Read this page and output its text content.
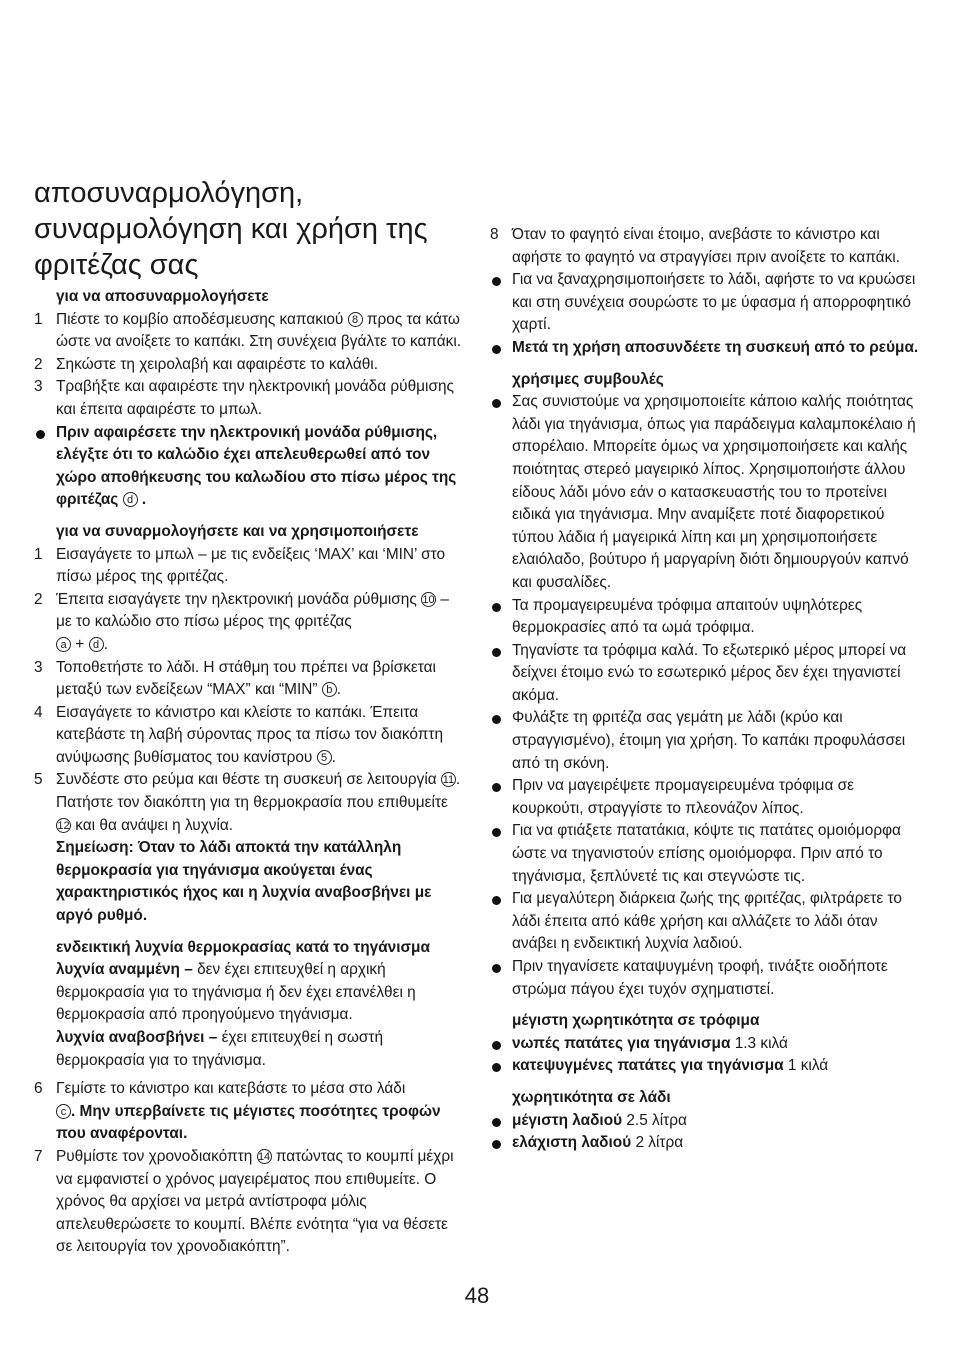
αποσυναρμολόγηση, συναρμολόγηση και χρήση της φριτέζας σας
για να αποσυναρμολογήσετε
1 Πιέστε το κομβίο αποδέσμευσης καπακιού 8 προς τα κάτω ώστε να ανοίξετε το καπάκι. Στη συνέχεια βγάλτε το καπάκι.
2 Σηκώστε τη χειρολαβή και αφαιρέστε το καλάθι.
3 Τραβήξτε και αφαιρέστε την ηλεκτρονική μονάδα ρύθμισης και έπειτα αφαιρέστε το μπωλ.
Πριν αφαιρέσετε την ηλεκτρονική μονάδα ρύθμισης, ελέγξτε ότι το καλώδιο έχει απελευθερωθεί από τον χώρο αποθήκευσης του καλωδίου στο πίσω μέρος της φριτέζας d .
για να συναρμολογήσετε και να χρησιμοποιήσετε
1 Εισαγάγετε το μπωλ – με τις ενδείξεις ‘MAX’ και ‘MIN’ στο πίσω μέρος της φριτέζας.
2 Έπειτα εισαγάγετε την ηλεκτρονική μονάδα ρύθμισης 10 – με το καλώδιο στο πίσω μέρος της φριτέζας
a + d .
3 Τοποθετήστε το λάδι. Η στάθμη του πρέπει να βρίσκεται μεταξύ των ενδείξεων “MAX” και “MIN” b .
4 Εισαγάγετε το κάνιστρο και κλείστε το καπάκι. Έπειτα κατεβάστε τη λαβή σύροντας προς τα πίσω τον διακόπτη ανύψωσης βυθίσματος του κανίστρου 5 .
5 Συνδέστε στο ρεύμα και θέστε τη συσκευή σε λειτουργία 11 . Πατήστε τον διακόπτη για τη θερμοκρασία που επιθυμείτε 12 και θα ανάψει η λυχνία.
Σημείωση: Όταν το λάδι αποκτά την κατάλληλη θερμοκρασία για τηγάνισμα ακούγεται ένας χαρακτηριστικός ήχος και η λυχνία αναβοσβήνει με αργό ρυθμό.
ενδεικτική λυχνία θερμοκρασίας κατά το τηγάνισμα
λυχνία αναμμένη – δεν έχει επιτευχθεί η αρχική θερμοκρασία για το τηγάνισμα ή δεν έχει επανέλθει η θερμοκρασία από προηγούμενο τηγάνισμα.
λυχνία αναβοσβήνει – έχει επιτευχθεί η σωστή θερμοκρασία για το τηγάνισμα.
6 Γεμίστε το κάνιστρο και κατεβάστε το μέσα στο λάδι
c . Μην υπερβαίνετε τις μέγιστες ποσότητες τροφών που αναφέρονται.
7 Ρυθμίστε τον χρονοδιακόπτη 14 πατώντας το κουμπί μέχρι να εμφανιστεί ο χρόνος μαγειρέματος που επιθυμείτε. Ο χρόνος θα αρχίσει να μετρά αντίστροφα μόλις απελευθερώσετε το κουμπί. Βλέπε ενότητα “για να θέσετε σε λειτουργία τον χρονοδιακόπτη”.
8 Όταν το φαγητό είναι έτοιμο, ανεβάστε το κάνιστρο και αφήστε το φαγητό να στραγγίσει πριν ανοίξετε το καπάκι.
Για να ξαναχρησιμοποιήσετε το λάδι, αφήστε το να κρυώσει και στη συνέχεια σουρώστε το με ύφασμα ή απορροφητικό χαρτί.
Μετά τη χρήση αποσυνδέετε τη συσκευή από το ρεύμα.
χρήσιμες συμβουλές
Σας συνιστούμε να χρησιμοποιείτε κάποιο καλής ποιότητας λάδι για τηγάνισμα, όπως για παράδειγμα καλαμποκέλαιο ή σπορέλαιο. Μπορείτε όμως να χρησιμοποιήσετε και καλής ποιότητας στερεό μαγειρικό λίπος. Χρησιμοποιήστε άλλου είδους λάδι μόνο εάν ο κατασκευαστής του το προτείνει ειδικά για τηγάνισμα. Μην αναμίξετε ποτέ διαφορετικού τύπου λάδια ή μαγειρικά λίπη και μη χρησιμοποιήσετε ελαιόλαδο, βούτυρο ή μαργαρίνη διότι δημιουργούν καπνό και φυσαλίδες.
Τα προμαγειρευμένα τρόφιμα απαιτούν υψηλότερες θερμοκρασίες από τα ωμά τρόφιμα.
Τηγανίστε τα τρόφιμα καλά. Το εξωτερικό μέρος μπορεί να δείχνει έτοιμο ενώ το εσωτερικό μέρος δεν έχει τηγανιστεί ακόμα.
Φυλάξτε τη φριτέζα σας γεμάτη με λάδι (κρύο και στραγγισμένο), έτοιμη για χρήση. Το καπάκι προφυλάσσει από τη σκόνη.
Πριν να μαγειρέψετε προμαγειρευμένα τρόφιμα σε κουρκούτι, στραγγίστε το πλεονάζον λίπος.
Για να φτιάξετε πατατάκια, κόψτε τις πατάτες ομοιόμορφα ώστε να τηγανιστούν επίσης ομοιόμορφα. Πριν από το τηγάνισμα, ξεπλύνετέ τις και στεγνώστε τις.
Για μεγαλύτερη διάρκεια ζωής της φριτέζας, φιλτράρετε το λάδι έπειτα από κάθε χρήση και αλλάζετε το λάδι όταν ανάβει η ενδεικτική λυχνία λαδιού.
Πριν τηγανίσετε καταψυγμένη τροφή, τινάξτε οιοδήποτε στρώμα πάγου έχει τυχόν σχηματιστεί.
μέγιστη χωρητικότητα σε τρόφιμα
νωπές πατάτες για τηγάνισμα 1.3 κιλά
κατεψυγμένες πατάτες για τηγάνισμα 1 κιλά
χωρητικότητα σε λάδι
μέγιστη λαδιού 2.5 λίτρα
ελάχιστη λαδιού 2 λίτρα
48
